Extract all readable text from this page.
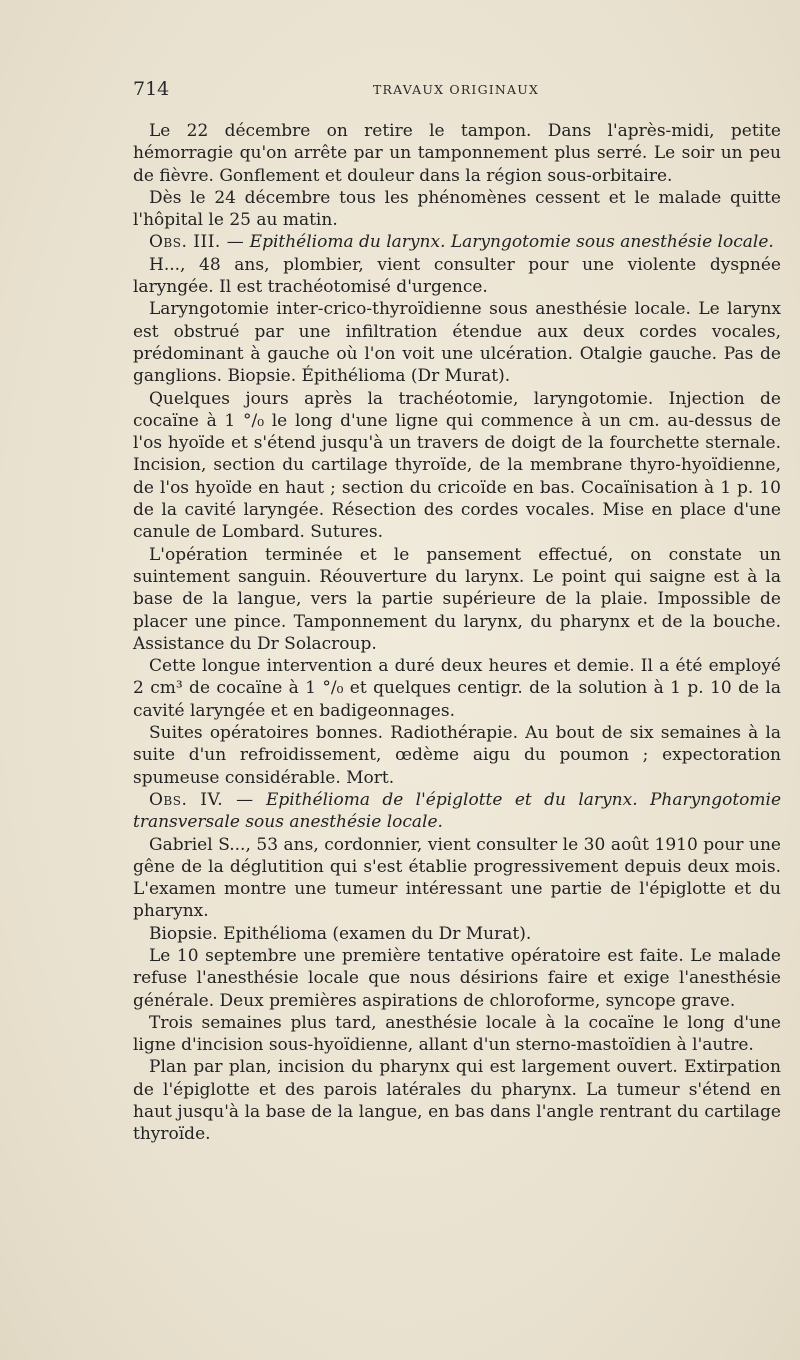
714	TRAVAUX ORIGINAUX

Le 22 décembre on retire le tampon. Dans l'après-midi, petite hémorragie qu'on arrête par un tamponnement plus serré. Le soir un peu de fièvre. Gonflement et douleur dans la région sous-orbitaire.

Dès le 24 décembre tous les phénomènes cessent et le malade quitte l'hôpital le 25 au matin.

Obs. III. — Epithélioma du larynx. Laryngotomie sous anesthésie locale.

H..., 48 ans, plombier, vient consulter pour une violente dyspnée laryngée. Il est trachéotomisé d'urgence.

Laryngotomie inter-crico-thyroïdienne sous anesthésie locale. Le larynx est obstrué par une infiltration étendue aux deux cordes vocales, prédominant à gauche où l'on voit une ulcération. Otalgie gauche. Pas de ganglions. Biopsie. Épithélioma (Dr Murat).

Quelques jours après la trachéotomie, laryngotomie. Injection de cocaïne à 1 °/₀ le long d'une ligne qui commence à un cm. au-dessus de l'os hyoïde et s'étend jusqu'à un travers de doigt de la fourchette sternale. Incision, section du cartilage thyroïde, de la membrane thyro-hyoïdienne, de l'os hyoïde en haut ; section du cricoïde en bas. Cocaïnisation à 1 p. 10 de la cavité laryngée. Résection des cordes vocales. Mise en place d'une canule de Lombard. Sutures.

L'opération terminée et le pansement effectué, on constate un suintement sanguin. Réouverture du larynx. Le point qui saigne est à la base de la langue, vers la partie supérieure de la plaie. Impossible de placer une pince. Tamponnement du larynx, du pharynx et de la bouche. Assistance du Dr Solacroup.

Cette longue intervention a duré deux heures et demie. Il a été employé 2 cm³ de cocaïne à 1 °/₀ et quelques centigr. de la solution à 1 p. 10 de la cavité laryngée et en badigeonnages.

Suites opératoires bonnes. Radiothérapie. Au bout de six semaines à la suite d'un refroidissement, œdème aigu du poumon ; expectoration spumeuse considérable. Mort.

Obs. IV. — Epithélioma de l'épiglotte et du larynx. Pharyngotomie transversale sous anesthésie locale.

Gabriel S..., 53 ans, cordonnier, vient consulter le 30 août 1910 pour une gêne de la déglutition qui s'est établie progressivement depuis deux mois. L'examen montre une tumeur intéressant une partie de l'épiglotte et du pharynx.

Biopsie. Epithélioma (examen du Dr Murat).

Le 10 septembre une première tentative opératoire est faite. Le malade refuse l'anesthésie locale que nous désirions faire et exige l'anesthésie générale. Deux premières aspirations de chloroforme, syncope grave.

Trois semaines plus tard, anesthésie locale à la cocaïne le long d'une ligne d'incision sous-hyoïdienne, allant d'un sterno-mastoïdien à l'autre.

Plan par plan, incision du pharynx qui est largement ouvert. Extirpation de l'épiglotte et des parois latérales du pharynx. La tumeur s'étend en haut jusqu'à la base de la langue, en bas dans l'angle rentrant du cartilage thyroïde.
